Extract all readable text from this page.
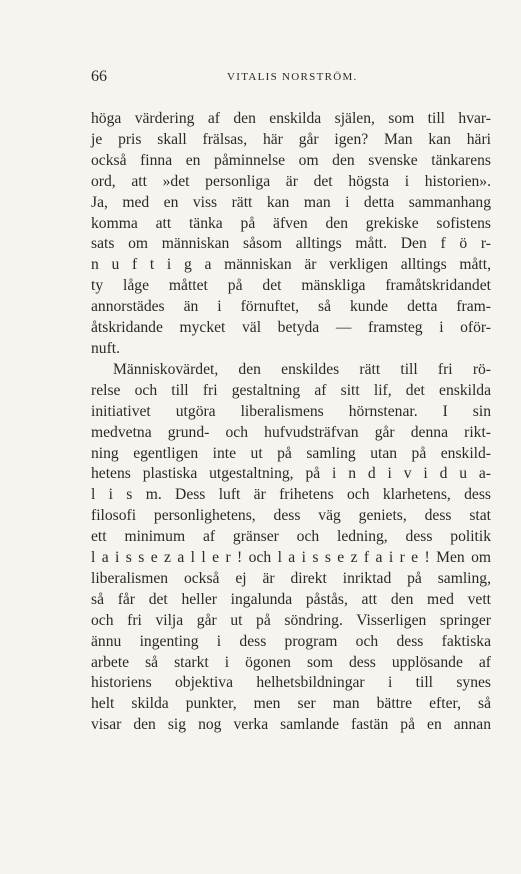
66	VITALIS NORSTRÖM.
höga värdering af den enskilda själen, som till hvar-
je pris skall frälsas, här går igen? Man kan häri
också finna en påminnelse om den svenske tänkarens
ord, att »det personliga är det högsta i historien».
Ja, med en viss rätt kan man i detta sammanhang
komma att tänka på äfven den grekiske sofistens
sats om människan såsom alltings mått. Den f ö r-
n u f t i g a människan är verkligen alltings mått,
ty låge måttet på det mänskliga framåtskridandet
annorstädes än i förnuftet, så kunde detta fram-
åtskridande mycket väl betyda — framsteg i oför-
nuft.
Människovärdet, den enskildes rätt till fri rö-
relse och till fri gestaltning af sitt lif, det enskilda
initiativet utgöra liberalismens hörnstenar. I sin
medvetna grund- och hufvudsträfvan går denna rikt-
ning egentligen inte ut på samling utan på enskild-
hetens plastiska utgestaltning, på i n d i v i d u a-
l i s m. Dess luft är frihetens och klarhetens, dess
filosofi personlighetens, dess väg geniets, dess stat
ett minimum af gränser och ledning, dess politik
l a i s s e z a l l e r ! och l a i s s e z f a i r e ! Men om
liberalismen också ej är direkt inriktad på samling,
så får det heller ingalunda påstås, att den med vett
och fri vilja går ut på söndring. Visserligen springer
ännu ingenting i dess program och dess faktiska
arbete så starkt i ögonen som dess upplösande af
historiens objektiva helhetsbildningar i till synes
helt skilda punkter, men ser man bättre efter, så
visar den sig nog verka samlande fastän på en annan
